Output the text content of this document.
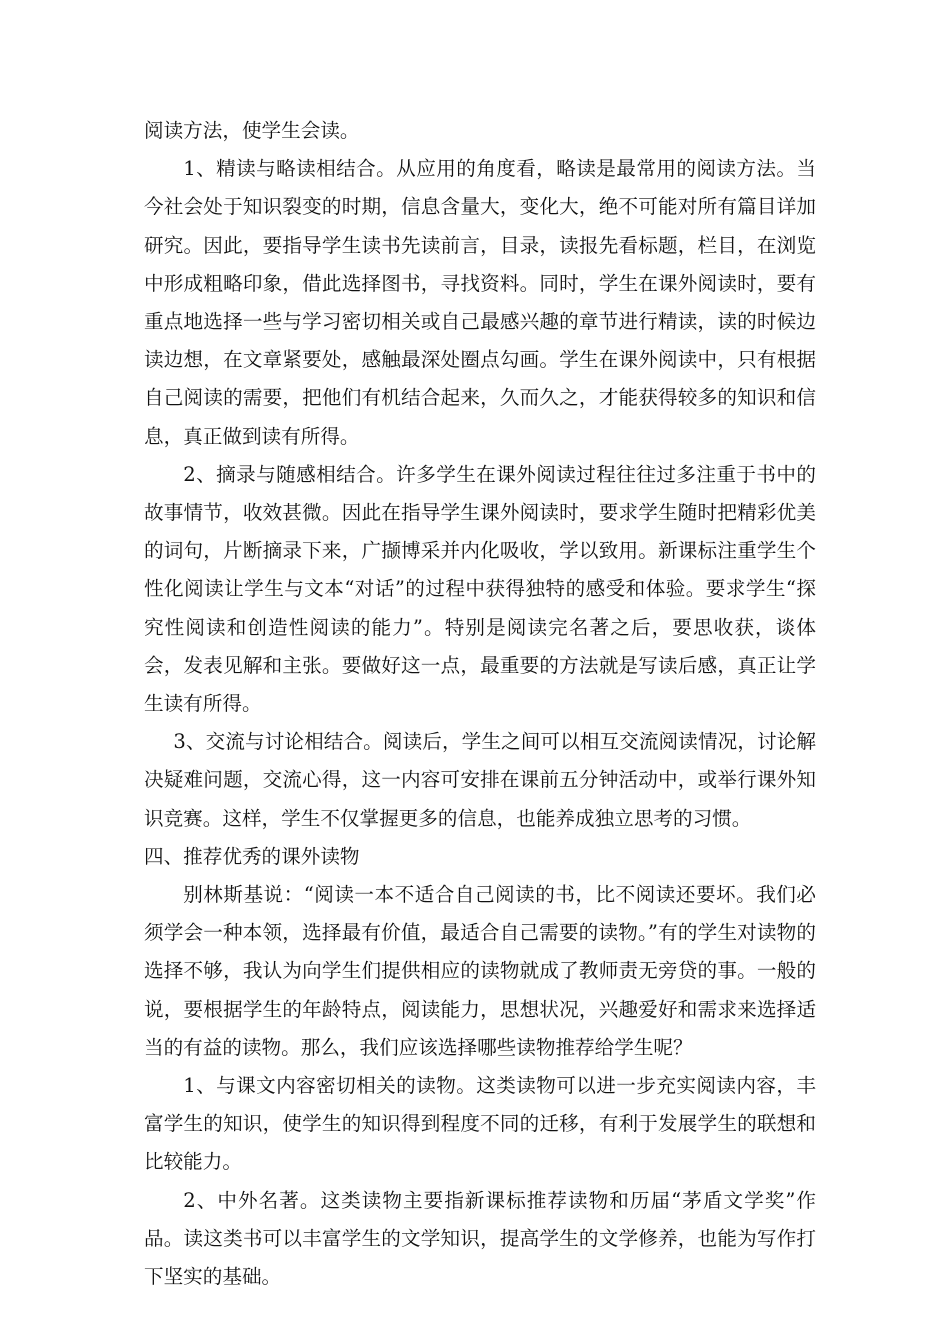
阅读方法，使学生会读。

1、精读与略读相结合。从应用的角度看，略读是最常用的阅读方法。当今社会处于知识裂变的时期，信息含量大，变化大，绝不可能对所有篇目详加研究。因此，要指导学生读书先读前言，目录，读报先看标题，栏目，在浏览中形成粗略印象，借此选择图书，寻找资料。同时，学生在课外阅读时，要有重点地选择一些与学习密切相关或自己最感兴趣的章节进行精读，读的时候边读边想，在文章紧要处，感触最深处圈点勾画。学生在课外阅读中，只有根据自己阅读的需要，把他们有机结合起来，久而久之，才能获得较多的知识和信息，真正做到读有所得。

2、摘录与随感相结合。许多学生在课外阅读过程往往过多注重于书中的故事情节，收效甚微。因此在指导学生课外阅读时，要求学生随时把精彩优美的词句，片断摘录下来，广撷博采并内化吸收，学以致用。新课标注重学生个性化阅读让学生与文本“对话”的过程中获得独特的感受和体验。要求学生“探究性阅读和创造性阅读的能力”。特别是阅读完名著之后，要思收获，谈体会，发表见解和主张。要做好这一点，最重要的方法就是写读后感，真正让学生读有所得。

3、交流与讨论相结合。阅读后，学生之间可以相互交流阅读情况，讨论解决疑难问题，交流心得，这一内容可安排在课前五分钟活动中，或举行课外知识竞赛。这样，学生不仅掌握更多的信息，也能养成独立思考的习惯。

四、推荐优秀的课外读物

别林斯基说：“阅读一本不适合自己阅读的书，比不阅读还要坏。我们必须学会一种本领，选择最有价值，最适合自己需要的读物。”有的学生对读物的选择不够，我认为向学生们提供相应的读物就成了教师责无旁贷的事。一般的说，要根据学生的年龄特点，阅读能力，思想状况，兴趣爱好和需求来选择适当的有益的读物。那么，我们应该选择哪些读物推荐给学生呢？

1、与课文内容密切相关的读物。这类读物可以进一步充实阅读内容，丰富学生的知识，使学生的知识得到程度不同的迁移，有利于发展学生的联想和比较能力。

2、中外名著。这类读物主要指新课标推荐读物和历届“茅盾文学奖”作品。读这类书可以丰富学生的文学知识，提高学生的文学修养，也能为写作打下坚实的基础。
